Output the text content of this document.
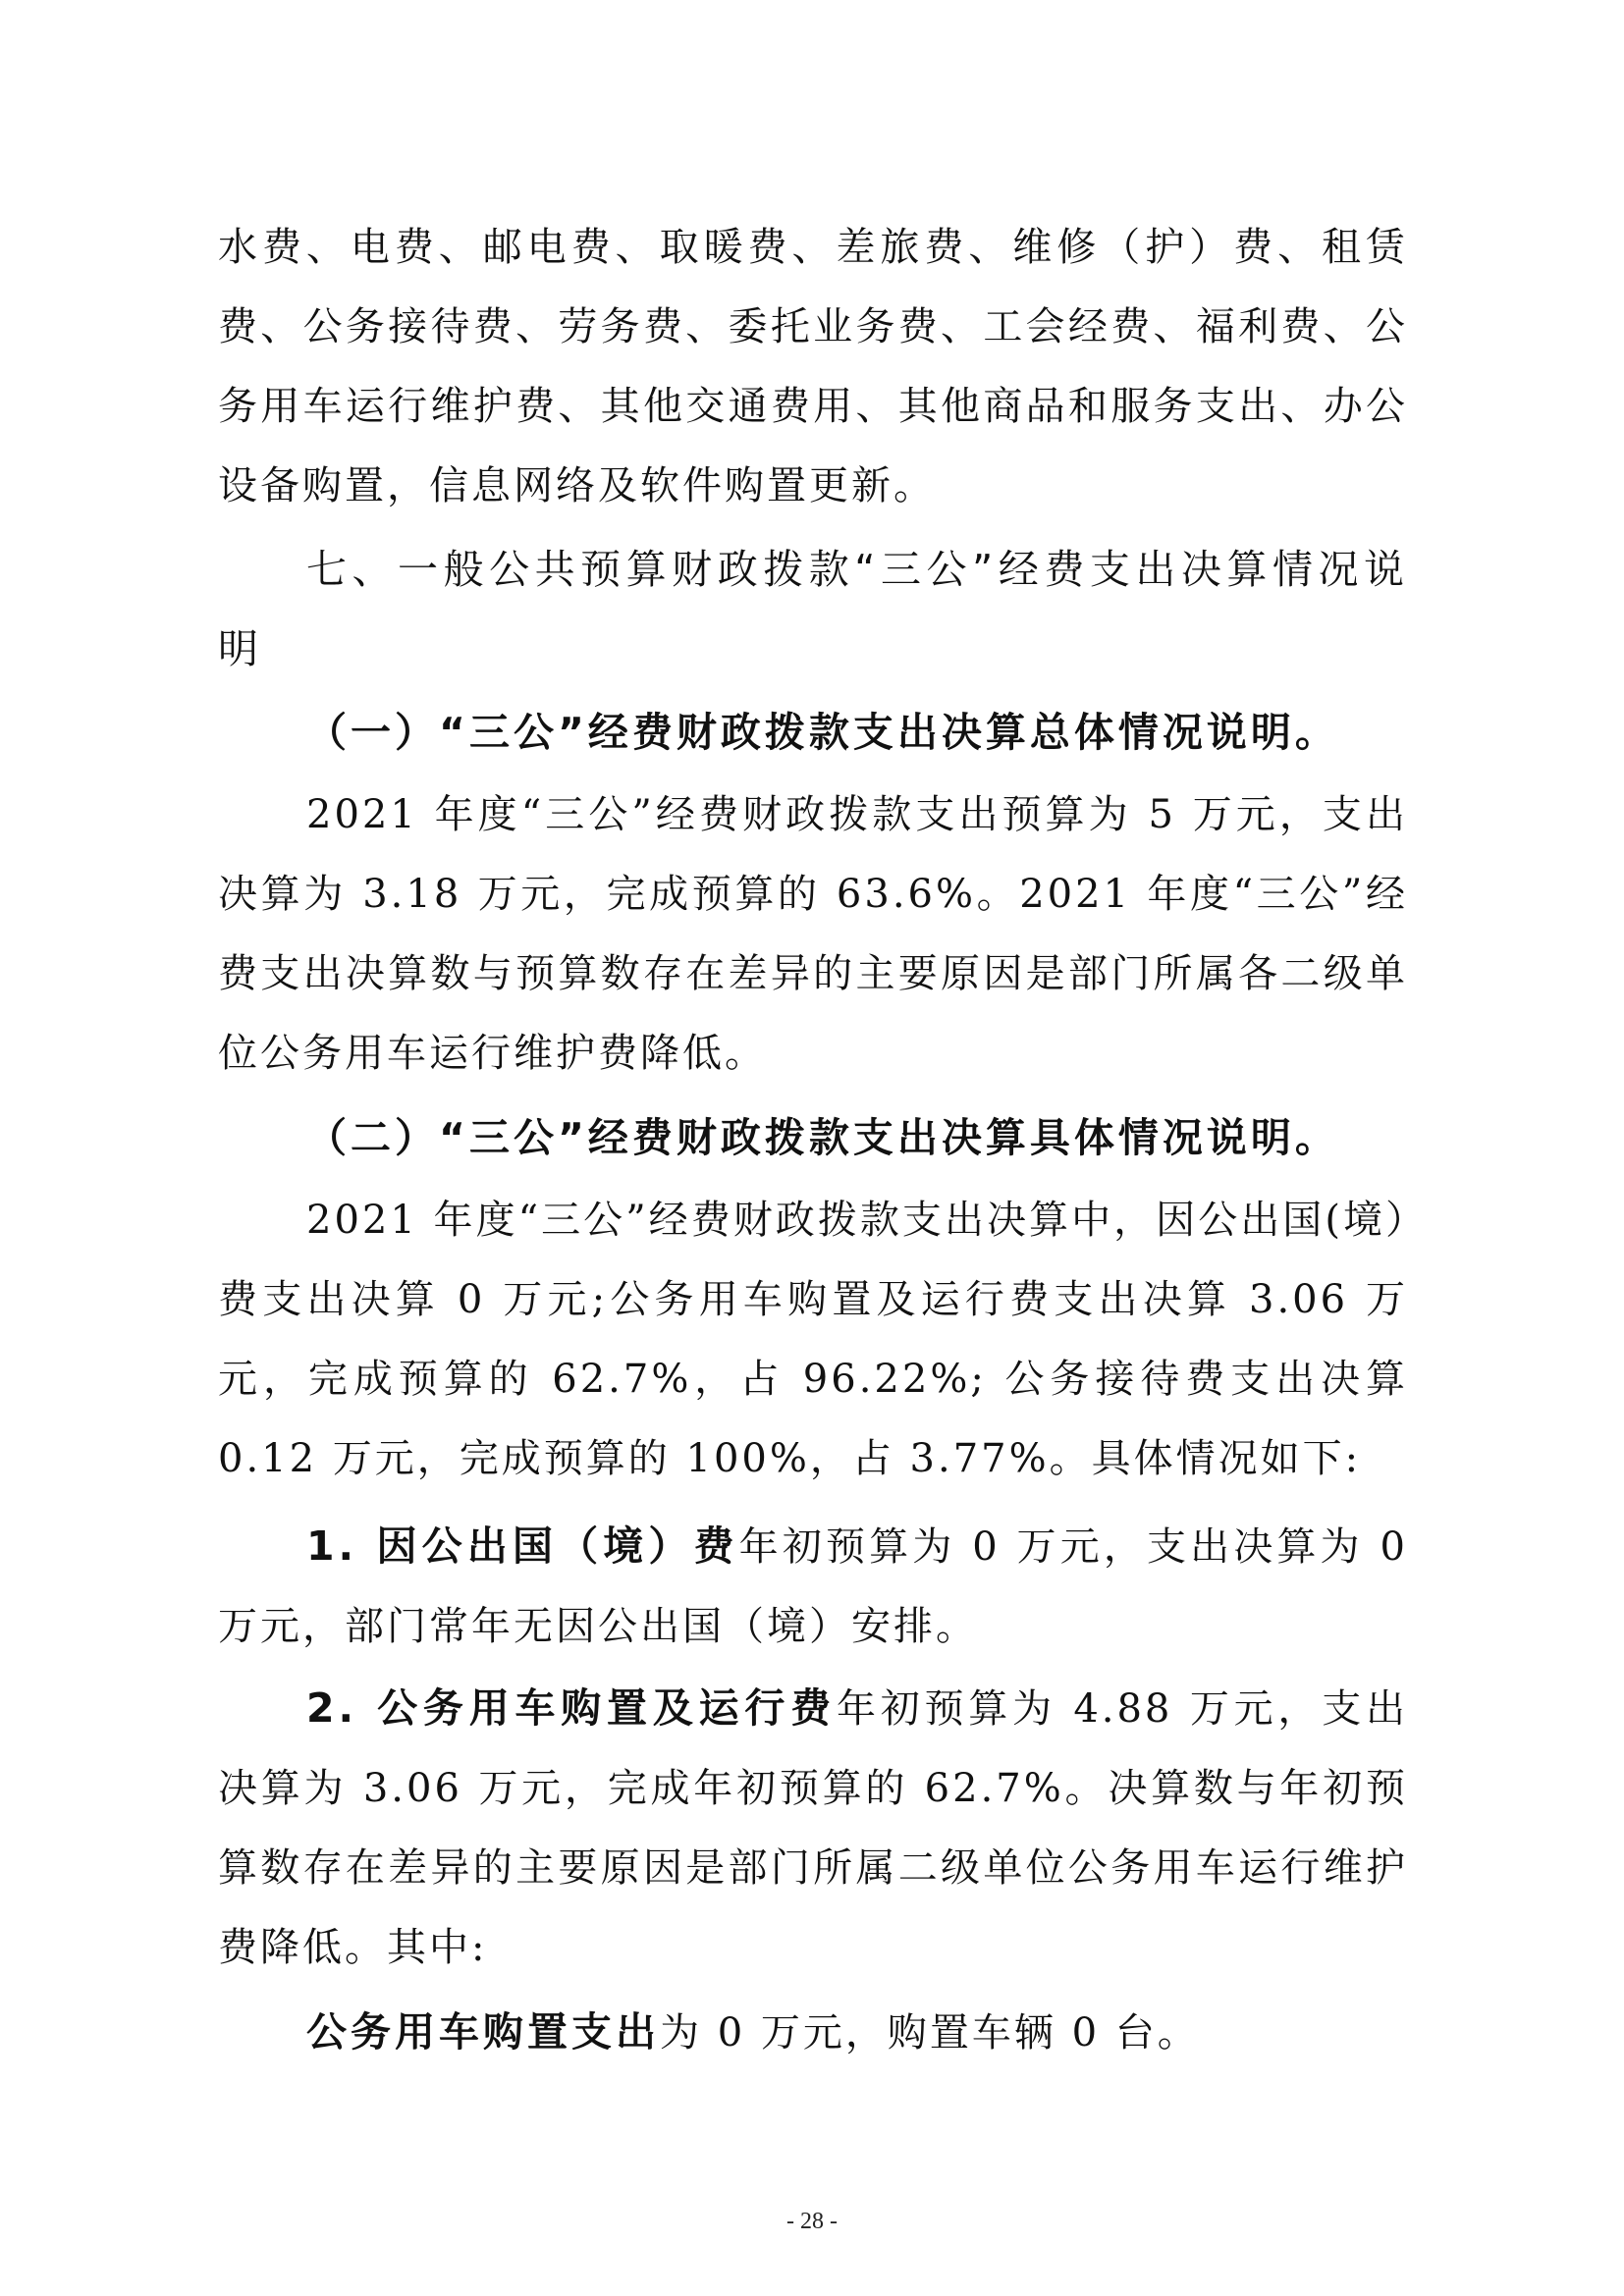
水费、电费、邮电费、取暖费、差旅费、维修（护）费、租赁费、公务接待费、劳务费、委托业务费、工会经费、福利费、公务用车运行维护费、其他交通费用、其他商品和服务支出、办公设备购置，信息网络及软件购置更新。
七、一般公共预算财政拨款“三公”经费支出决算情况说明
（一）“三公”经费财政拨款支出决算总体情况说明。
2021 年度“三公”经费财政拨款支出预算为 5 万元，支出决算为 3.18 万元，完成预算的 63.6%。2021 年度“三公”经费支出决算数与预算数存在差异的主要原因是部门所属各二级单位公务用车运行维护费降低。
（二）“三公”经费财政拨款支出决算具体情况说明。
2021 年度“三公”经费财政拨款支出决算中，因公出国(境）费支出决算 0 万元;公务用车购置及运行费支出决算 3.06 万元，完成预算的 62.7%，占 96.22%; 公务接待费支出决算 0.12 万元，完成预算的 100%，占 3.77%。具体情况如下:
1. 因公出国（境）费年初预算为 0 万元，支出决算为 0 万元，部门常年无因公出国（境）安排。
2. 公务用车购置及运行费年初预算为 4.88 万元，支出决算为 3.06 万元，完成年初预算的 62.7%。决算数与年初预算数存在差异的主要原因是部门所属二级单位公务用车运行维护费降低。其中:
公务用车购置支出为 0 万元，购置车辆 0 台。
- 28 -
